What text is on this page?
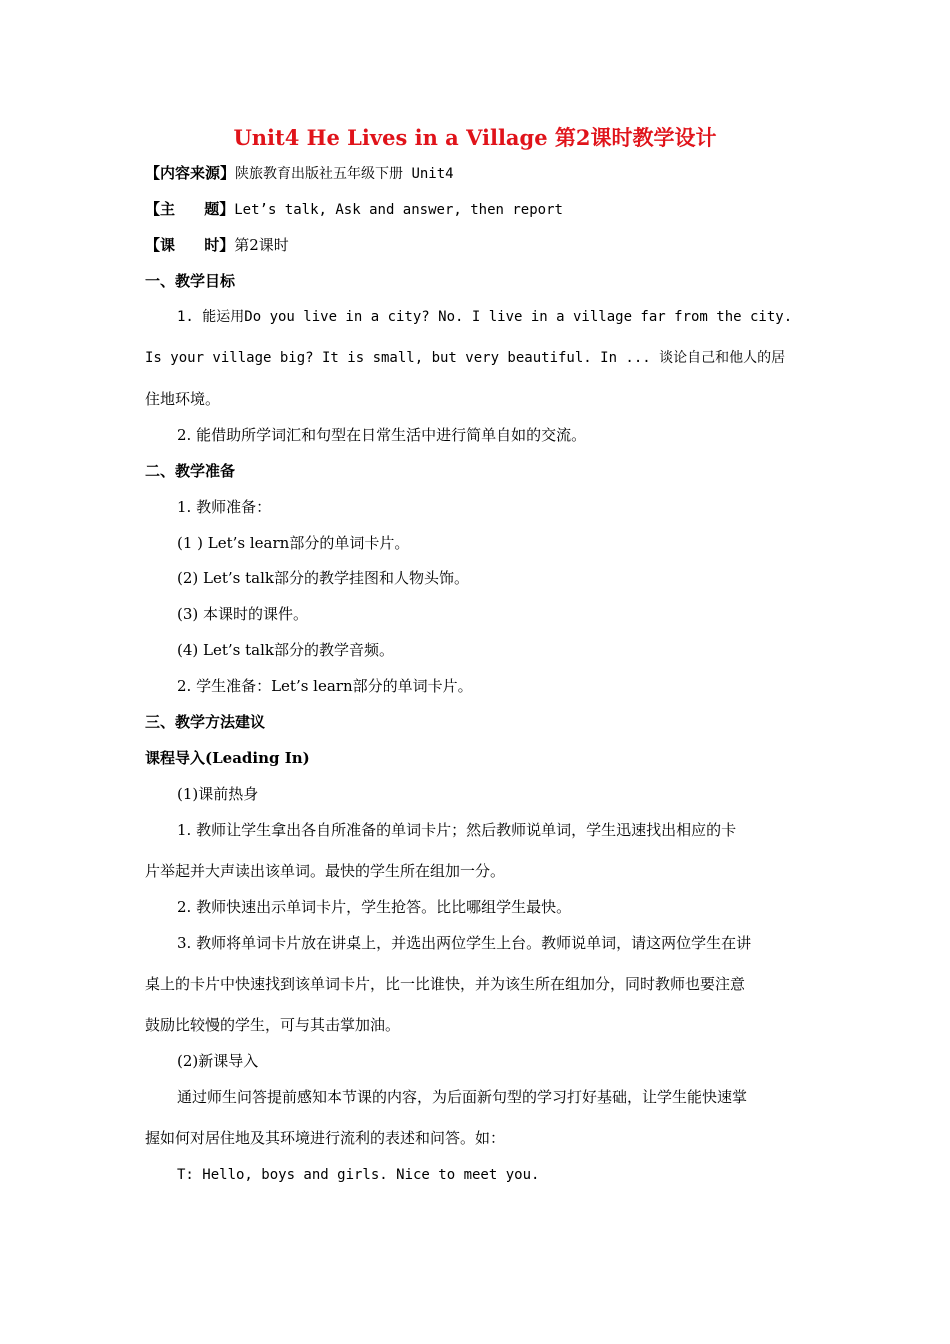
Unit4 He Lives in a Village 第2课时教学设计
【内容来源】陕旅教育出版社五年级下册 Unit4
【主 题】Let’s talk, Ask and answer, then report
【课 时】第2课时
一、教学目标
1. 能运用Do you live in a city? No. I live in a village far from the city.
Is your village big? It is small, but very beautiful. In ... 谈论自己和他人的居
住地环境。
2. 能借助所学词汇和句型在日常生活中进行简单自如的交流。
二、教学准备
1. 教师准备：
(1 ) Let’s learn部分的单词卡片。
(2) Let’s talk部分的教学挂图和人物头饰。
(3) 本课时的课件。
(4) Let’s talk部分的教学音频。
2. 学生准备：Let’s learn部分的单词卡片。
三、教学方法建议
课程导入(Leading In)
(1)课前热身
1. 教师让学生拿出各自所准备的单词卡片；然后教师说单词，学生迅速找出相应的卡
片举起并大声读出该单词。最快的学生所在组加一分。
2. 教师快速出示单词卡片，学生抢答。比比哪组学生最快。
3. 教师将单词卡片放在讲桌上，并选出两位学生上台。教师说单词，请这两位学生在讲
桌上的卡片中快速找到该单词卡片，比一比谁快，并为该生所在组加分，同时教师也要注意
鼓励比较慢的学生，可与其击掌加油。
(2)新课导入
通过师生问答提前感知本节课的内容，为后面新句型的学习打好基础，让学生能快速掌
握如何对居住地及其环境进行流利的表述和问答。如：
T: Hello, boys and girls. Nice to meet you.
